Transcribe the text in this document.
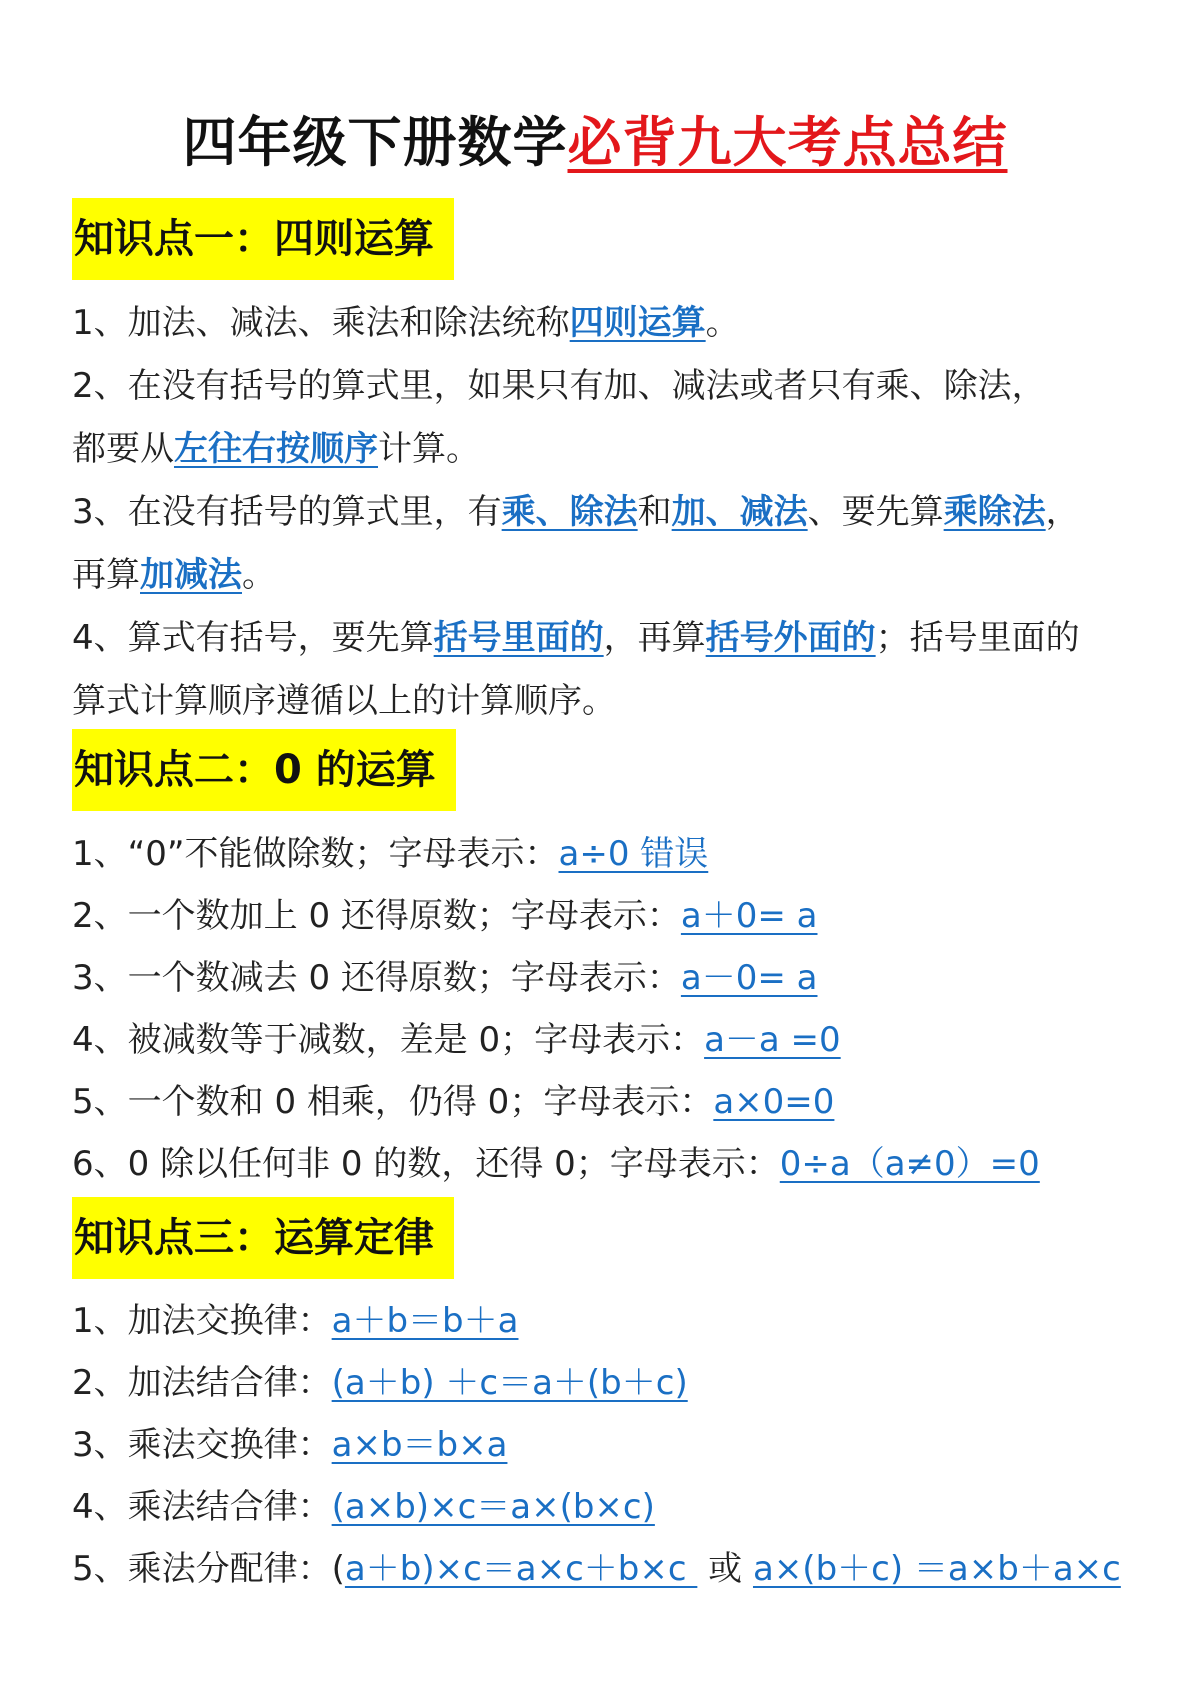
四年级下册数学必背九大考点总结
知识点一：四则运算
1、加法、减法、乘法和除法统称四则运算。
2、在没有括号的算式里，如果只有加、减法或者只有乘、除法，
都要从左往右按顺序计算。
3、在没有括号的算式里，有乘、除法和加、减法、要先算乘除法，
再算加减法。
4、算式有括号，要先算括号里面的，再算括号外面的；括号里面的
算式计算顺序遵循以上的计算顺序。
知识点二：0 的运算
1、“0”不能做除数；字母表示：a÷0 错误
2、一个数加上 0 还得原数；字母表示：a＋0= a
3、一个数减去 0 还得原数；字母表示：a－0= a
4、被减数等于减数，差是 0；字母表示：a－a =0
5、一个数和 0 相乘，仍得 0；字母表示：a×0=0
6、0 除以任何非 0 的数，还得 0；字母表示：0÷a（a≠0）=0
知识点三：运算定律
1、加法交换律：a＋b＝b＋a
2、加法结合律：(a＋b) ＋c＝a＋(b＋c)
3、乘法交换律：a×b＝b×a
4、乘法结合律：(a×b)×c＝a×(b×c)
5、乘法分配律：(a＋b)×c＝a×c＋b×c  或 a×(b＋c) ＝a×b＋a×c
